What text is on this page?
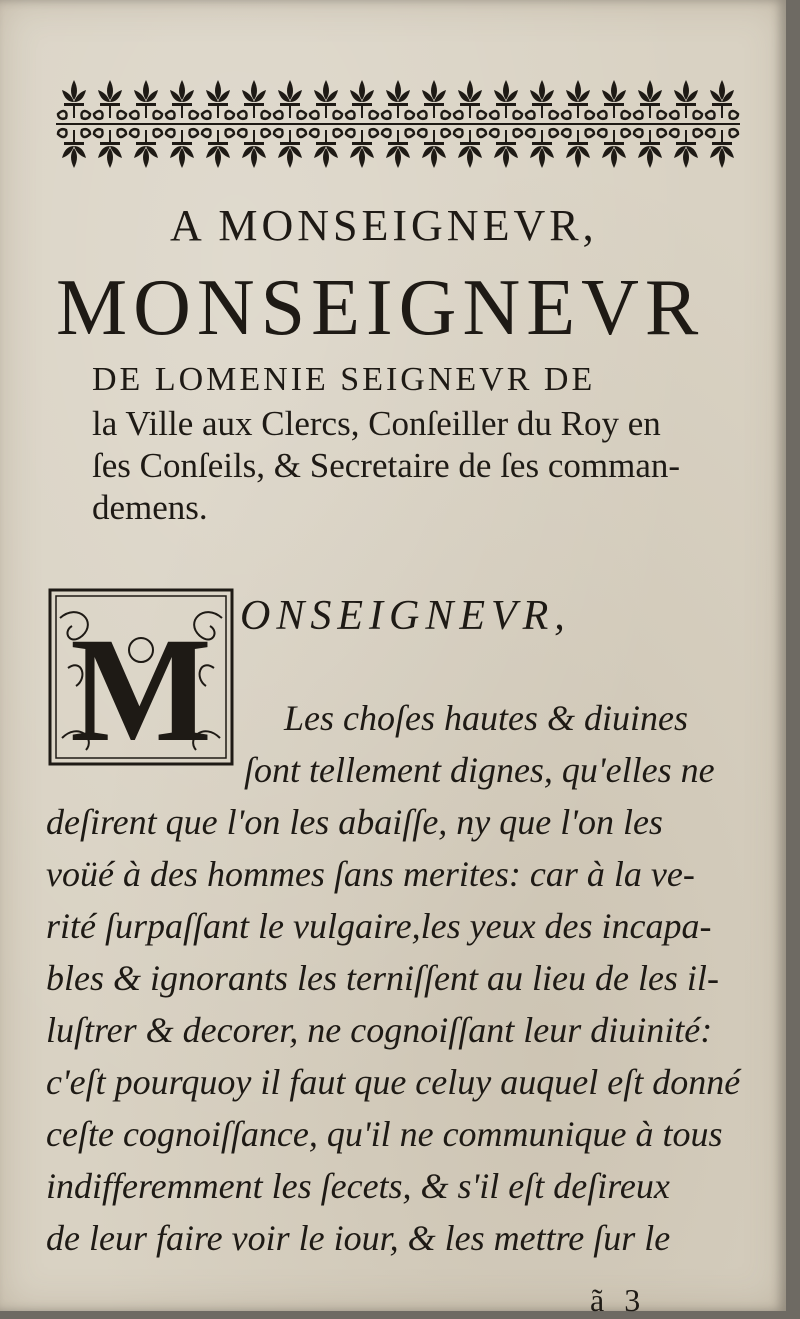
A MONSEIGNEVR,

MONSEIGNEVR

DE LOMENIE SEIGNEVR DE

la Ville aux Clercs, Conſeiller du Roy en

ſes Conſeils, & Secretaire de ſes comman-

demens.

M ONSEIGNEVR,

Les choſes hautes & diuines

ſont tellement dignes, qu'elles ne

deſirent que l'on les abaiſſe, ny que l'on les

voüé à des hommes ſans merites: car à la ve-

rité ſurpaſſant le vulgaire,les yeux des incapa-

bles & ignorants les terniſſent au lieu de les il-

luſtrer & decorer, ne cognoiſſant leur diuinité:

c'eſt pourquoy il faut que celuy auquel eſt donné

ceſte cognoiſſance, qu'il ne communique à tous

indifferemment les ſecets, & s'il eſt deſireux

de leur faire voir le iour, & les mettre ſur le

ã 3
